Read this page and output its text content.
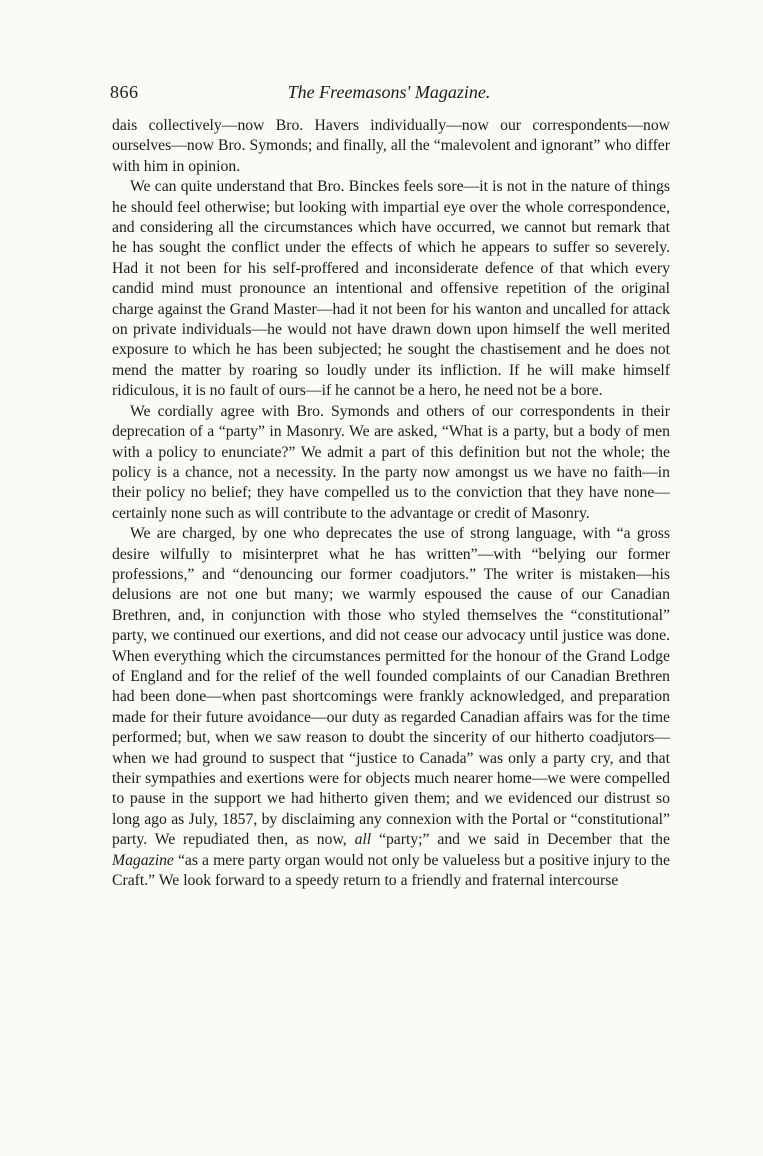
866	The Freemasons' Magazine.

dais collectively—now Bro. Havers individually—now our correspondents—now ourselves—now Bro. Symonds; and finally, all the “malevolent and ignorant” who differ with him in opinion.

We can quite understand that Bro. Binckes feels sore—it is not in the nature of things he should feel otherwise; but looking with impartial eye over the whole correspondence, and considering all the circumstances which have occurred, we cannot but remark that he has sought the conflict under the effects of which he appears to suffer so severely. Had it not been for his self-proffered and inconsiderate defence of that which every candid mind must pronounce an intentional and offensive repetition of the original charge against the Grand Master—had it not been for his wanton and uncalled for attack on private individuals—he would not have drawn down upon himself the well merited exposure to which he has been subjected; he sought the chastisement and he does not mend the matter by roaring so loudly under its infliction. If he will make himself ridiculous, it is no fault of ours—if he cannot be a hero, he need not be a bore.

We cordially agree with Bro. Symonds and others of our correspondents in their deprecation of a “party” in Masonry. We are asked, “What is a party, but a body of men with a policy to enunciate?” We admit a part of this definition but not the whole; the policy is a chance, not a necessity. In the party now amongst us we have no faith—in their policy no belief; they have compelled us to the conviction that they have none—certainly none such as will contribute to the advantage or credit of Masonry.

We are charged, by one who deprecates the use of strong language, with “a gross desire wilfully to misinterpret what he has written”—with “belying our former professions,” and “denouncing our former coadjutors.” The writer is mistaken—his delusions are not one but many; we warmly espoused the cause of our Canadian Brethren, and, in conjunction with those who styled themselves the “constitutional” party, we continued our exertions, and did not cease our advocacy until justice was done. When everything which the circumstances permitted for the honour of the Grand Lodge of England and for the relief of the well founded complaints of our Canadian Brethren had been done—when past shortcomings were frankly acknowledged, and preparation made for their future avoidance—our duty as regarded Canadian affairs was for the time performed; but, when we saw reason to doubt the sincerity of our hitherto coadjutors—when we had ground to suspect that “justice to Canada” was only a party cry, and that their sympathies and exertions were for objects much nearer home—we were compelled to pause in the support we had hitherto given them; and we evidenced our distrust so long ago as July, 1857, by disclaiming any connexion with the Portal or “constitutional” party. We repudiated then, as now, all “party;” and we said in December that the Magazine “as a mere party organ would not only be valueless but a positive injury to the Craft.” We look forward to a speedy return to a friendly and fraternal intercourse
